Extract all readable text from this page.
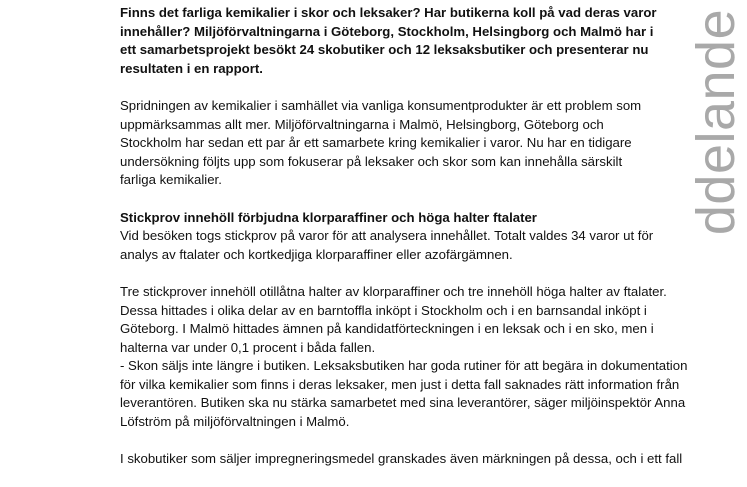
ddelande

Finns det farliga kemikalier i skor och leksaker? Har butikerna koll på vad deras varor
innehåller? Miljöförvaltningarna i Göteborg, Stockholm, Helsingborg och Malmö har i
ett samarbetsprojekt besökt 24 skobutiker och 12 leksaksbutiker och presenterar nu
resultaten i en rapport.

Spridningen av kemikalier i samhället via vanliga konsumentprodukter är ett problem som
uppmärksammas allt mer. Miljöförvaltningarna i Malmö, Helsingborg, Göteborg och
Stockholm har sedan ett par år ett samarbete kring kemikalier i varor. Nu har en tidigare
undersökning följts upp som fokuserar på leksaker och skor som kan innehålla särskilt
farliga kemikalier.

Stickprov innehöll förbjudna klorparaffiner och höga halter ftalater
Vid besöken togs stickprov på varor för att analysera innehållet. Totalt valdes 34 varor ut för
analys av ftalater och kortkedjiga klorparaffiner eller azofärgämnen.

Tre stickprover innehöll otillåtna halter av klorparaffiner och tre innehöll höga halter av ftalater.
Dessa hittades i olika delar av en barntoffla inköpt i Stockholm och i en barnsandal inköpt i
Göteborg. I Malmö hittades ämnen på kandidatförteckningen i en leksak och i en sko, men i
halterna var under 0,1 procent i båda fallen.
- Skon säljs inte längre i butiken. Leksaksbutiken har goda rutiner för att begära in dokumentation
för vilka kemikalier som finns i deras leksaker, men just i detta fall saknades rätt information från
leverantören. Butiken ska nu stärka samarbetet med sina leverantörer, säger miljöinspektör Anna
Löfström på miljöförvaltningen i Malmö.

I skobutiker som säljer impregneringsmedel granskades även märkningen på dessa, och i ett fall
